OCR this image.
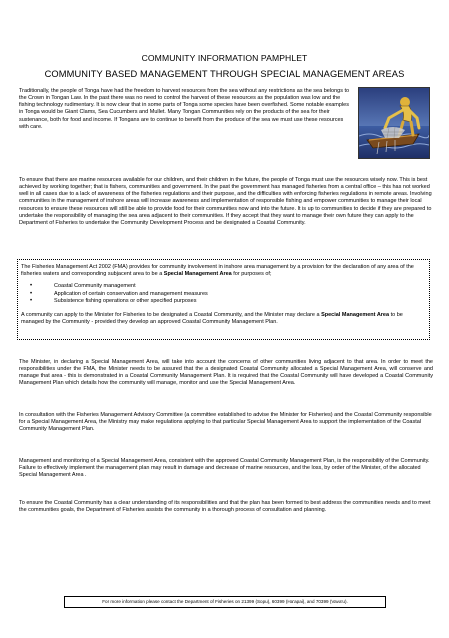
COMMUNITY INFORMATION PAMPHLET
COMMUNITY BASED MANAGEMENT THROUGH SPECIAL MANAGEMENT AREAS

Traditionally, the people of Tonga have had the freedom to harvest resources from the sea without any restrictions as the sea belongs to the Crown in Tongan Law. In the past there was no need to control the harvest of these resources as the population was low and the fishing technology rudimentary. It is now clear that in some parts of Tonga some species have been overfished. Some notable examples in Tonga would be Giant Clams, Sea Cucumbers and Mullet. Many Tongan Communities rely on the products of the sea for their sustenance, both for food and income. If Tongans are to continue to benefit from the produce of the sea we must use these resources with care.

To ensure that there are marine resources available for our children, and their children in the future, the people of Tonga must use the resources wisely now. This is best achieved by working together; that is fishers, communities and government. In the past the government has managed fisheries from a central office – this has not worked well in all cases due to a lack of awareness of the fisheries regulations and their purpose, and the difficulties with enforcing fisheries regulations in remote areas. Involving communities in the management of inshore areas will increase awareness and implementation of responsible fishing and empower communities to manage their local resources to ensure these resources will still be able to provide food for their communities now and into the future. It is up to communities to decide if they are prepared to undertake the responsibility of managing the sea area adjacent to their communities. If they accept that they want to manage their own future they can apply to the Department of Fisheries to undertake the Community Development Process and be designated a Coastal Community.

The Fisheries Management Act 2002 (FMA) provides for community involvement in inshore area management by a provision for the declaration of any area of the fisheries waters and corresponding subjacent area to be a Special Management Area for purposes of;

• Coastal Community management
• Application of certain conservation and management measures
• Subsistence fishing operations or other specified purposes

A community can apply to the Minister for Fisheries to be designated a Coastal Community, and the Minister may declare a Special Management Area to be managed by the Community - provided they develop an approved Coastal Community Management Plan.

The Minister, in declaring a Special Management Area, will take into account the concerns of other communities living adjacent to that area. In order to meet the responsibilities under the FMA, the Minister needs to be assured that the a designated Coastal Community allocated a Special Management Area, will conserve and manage that area - this is demonstrated in a Coastal Community Management Plan. It is required that the Coastal Community will have developed a Coastal Community Management Plan which details how the community will manage, monitor and use the Special Management Area.

In consultation with the Fisheries Management Advisory Committee (a committee established to advise the Minister for Fisheries) and the Coastal Community responsible for a Special Management Area, the Ministry may make regulations applying to that particular Special Management Area to support the implementation of the Coastal Community Management Plan.

Management and monitoring of a Special Management Area, consistent with the approved Coastal Community Management Plan, is the responsibility of the Community. Failure to effectively implement the management plan may result in damage and decrease of marine resources, and the loss, by order of the Minister, of the allocated Special Management Area .

To ensure the Coastal Community has a clear understanding of its responsibilities and that the plan has been formed to best address the communities needs and to meet the communities goals, the Department of Fisheries assists the community in a thorough process of consultation and planning.

For more information please contact the Department of Fisheries on 21399 (Sopu), 60399 (Ha'apai), and 70399 (Vava'u).
